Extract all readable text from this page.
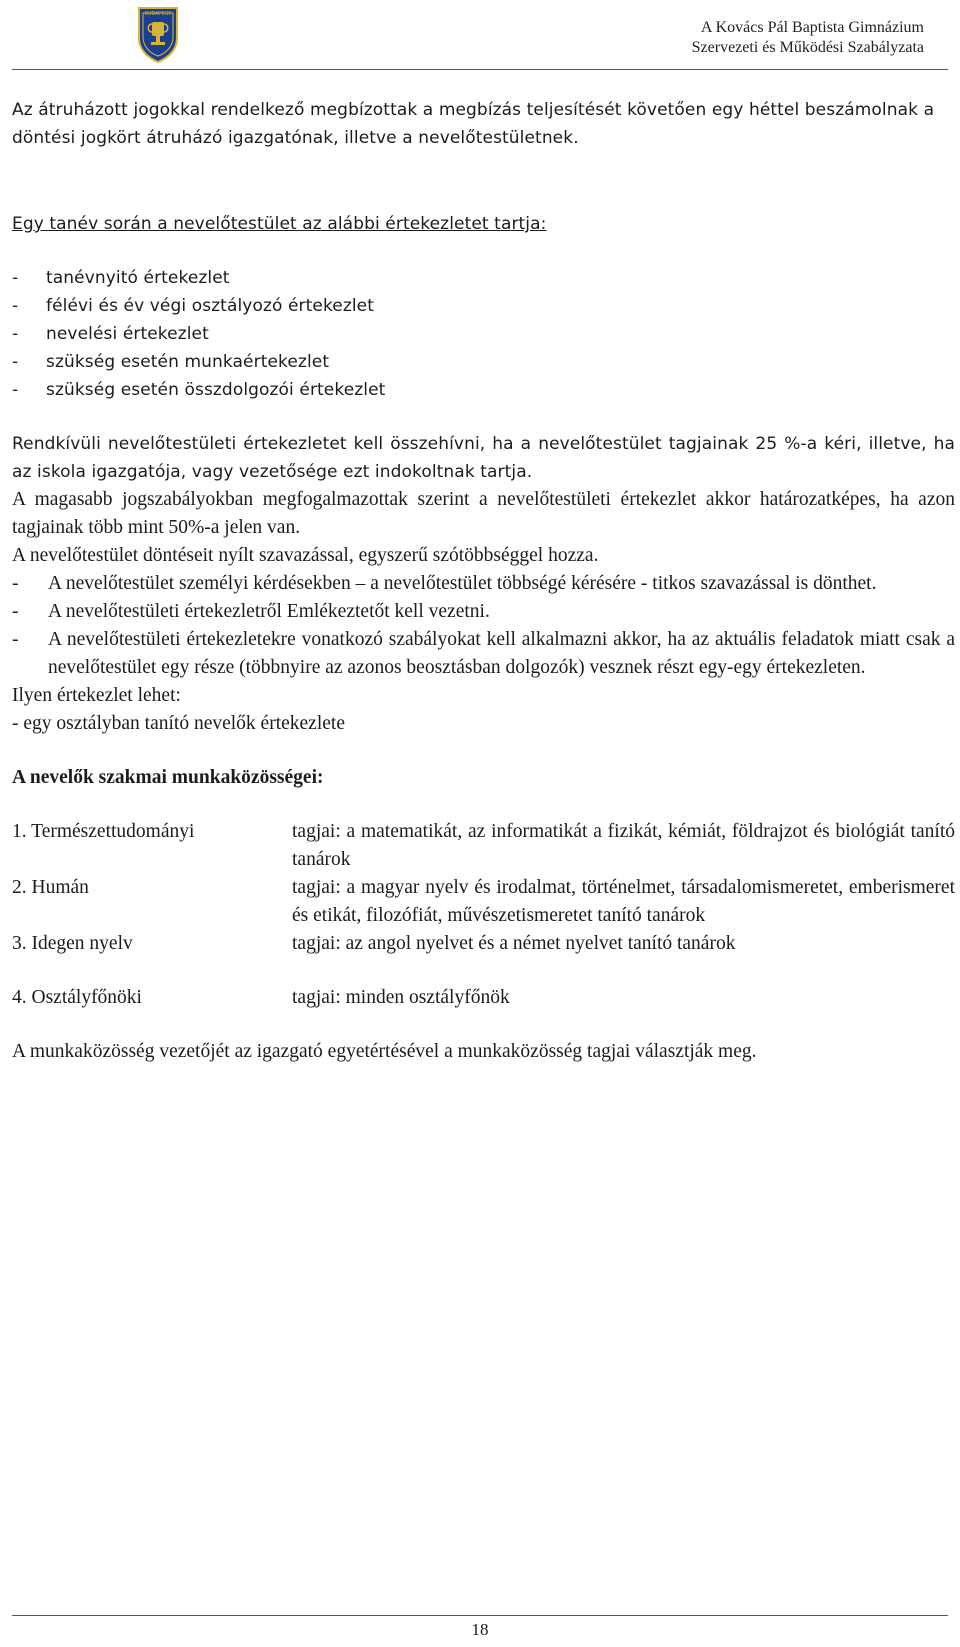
BUDAPEST
A Kovács Pál Baptista Gimnázium
Szervezeti és Működési Szabályzata

Az átruházott jogokkal rendelkező megbízottak a megbízás teljesítését követően egy héttel beszámolnak a döntési jogkört átruházó igazgatónak, illetve a nevelőtestületnek.

Egy tanév során a nevelőtestület az alábbi értekezletet tartja:

- tanévnyitó értekezlet
- félévi és év végi osztályozó értekezlet
- nevelési értekezlet
- szükség esetén munkaértekezlet
- szükség esetén összdolgozói értekezlet

Rendkívüli nevelőtestületi értekezletet kell összehívni, ha a nevelőtestület tagjainak 25 %-a kéri, illetve, ha az iskola igazgatója, vagy vezetősége ezt indokoltnak tartja.

A magasabb jogszabályokban megfogalmazottak szerint a nevelőtestületi értekezlet akkor határozatképes, ha azon tagjainak több mint 50%-a jelen van.

A nevelőtestület döntéseit nyílt szavazással, egyszerű szótöbbséggel hozza.

- A nevelőtestület személyi kérdésekben – a nevelőtestület többségé kérésére - titkos szavazással is dönthet.
- A nevelőtestületi értekezletről Emlékeztetőt kell vezetni.
- A nevelőtestületi értekezletekre vonatkozó szabályokat kell alkalmazni akkor, ha az aktuális feladatok miatt csak a nevelőtestület egy része (többnyire az azonos beosztásban dolgozók) vesznek részt egy-egy értekezleten.

Ilyen értekezlet lehet:

- egy osztályban tanító nevelők értekezlete

A nevelők szakmai munkaközösségei:

1. Természettudományi	tagjai: a matematikát, az informatikát a fizikát, kémiát, földrajzot és biológiát tanító tanárok
2. Humán	tagjai: a magyar nyelv és irodalmat, történelmet, társadalomismeretet, emberismeret és etikát, filozófiát, művészetismeretet tanító tanárok
3. Idegen nyelv	tagjai: az angol nyelvet és a német nyelvet tanító tanárok
4. Osztályfőnöki	tagjai: minden osztályfőnök

A munkaközösség vezetőjét az igazgató egyetértésével a munkaközösség tagjai választják meg.

18
